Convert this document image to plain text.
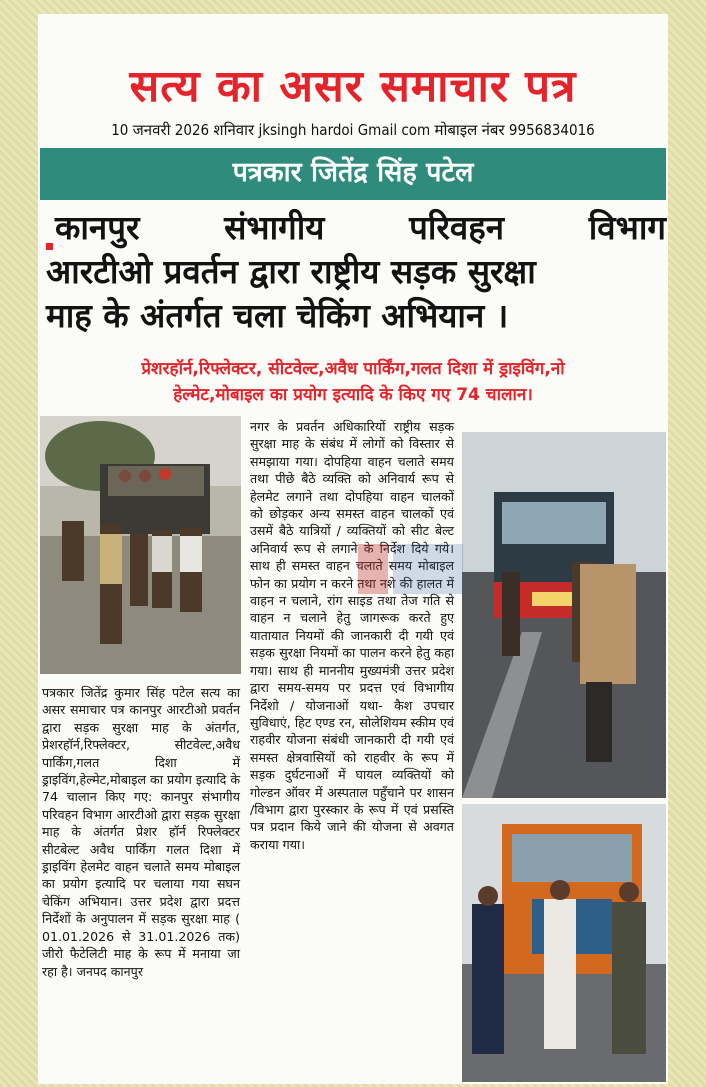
सत्य का असर समाचार पत्र
10 जनवरी 2026 शनिवार jksingh hardoi Gmail com मोबाइल नंबर 9956834016
पत्रकार जितेंद्र सिंह पटेल
कानपुर	संभागीय	परिवहन	विभाग
आरटीओ प्रवर्तन द्वारा राष्ट्रीय सड़क सुरक्षा
माह के अंतर्गत चला चेकिंग अभियान ।
प्रेशरहॉर्न,रिफ्लेक्टर, सीटवेल्ट,अवैध पार्किंग,गलत दिशा में ड्राइविंग,नो
हेल्मेट,मोबाइल का प्रयोग इत्यादि के किए गए 74 चालान।
पत्रकार जितेंद्र कुमार सिंह पटेल सत्य का असर समाचार पत्र कानपुर आरटीओ प्रवर्तन द्वारा सड़क सुरक्षा माह के अंतर्गत, प्रेशरहॉर्न,रिफ्लेक्टर, सीटवेल्ट,अवैध पार्किंग,गलत दिशा में ड्राइविंग,हेल्मेट,मोबाइल का प्रयोग इत्यादि के 74 चालान किए गए: कानपुर संभागीय परिवहन विभाग आरटीओ द्वारा सड़क सुरक्षा माह के अंतर्गत प्रेशर हॉर्न रिफ्लेक्टर सीटबेल्ट अवैध पार्किंग गलत दिशा में ड्राइविंग हेलमेट वाहन चलाते समय मोबाइल का प्रयोग इत्यादि पर चलाया गया सघन चेकिंग अभियान। उत्तर प्रदेश द्वारा प्रदत्त निर्देशों के अनुपालन में सड़क सुरक्षा माह ( 01.01.2026 से 31.01.2026 तक) जीरो फैटेलिटी माह के रूप में मनाया जा रहा है। जनपद कानपुर
नगर के प्रवर्तन अधिकारियों राष्ट्रीय सड़क सुरक्षा माह के संबंध में लोगों को विस्तार से समझाया गया। दोपहिया वाहन चलाते समय तथा पीछे बैठे व्यक्ति को अनिवार्य रूप से हेलमेट लगाने तथा दोपहिया वाहन चालकों को छोड़कर अन्य समस्त वाहन चालकों एवं उसमें बैठे यात्रियों / व्यक्तियों को सीट बेल्ट अनिवार्य रूप से लगाने के निर्देश दिये गये। साथ ही समस्त वाहन चलाते समय मोबाइल फोन का प्रयोग न करने तथा नशे की हालत में वाहन न चलाने, रांग साइड तथा तेज गति से वाहन न चलाने हेतु जागरूक करते हुए यातायात नियमों की जानकारी दी गयी एवं सड़क सुरक्षा नियमों का पालन करने हेतु कहा गया। साथ ही माननीय मुख्यमंत्री उत्तर प्रदेश द्वारा समय-समय पर प्रदत्त एवं विभागीय निर्देशो / योजनाओं यथा- कैश उपचार सुविधाएं, हिट एण्ड रन, सोलेशियम स्कीम एवं राहवीर योजना संबंधी जानकारी दी गयी एवं समस्त क्षेत्रवासियों को राहवीर के रूप में सड़क दुर्घटनाओं में घायल व्यक्तियों को गोल्डन ऑवर में अस्पताल पहुँचाने पर शासन /विभाग द्वारा पुरस्कार के रूप में एवं प्रसस्ति पत्र प्रदान किये जाने की योजना से अवगत कराया गया।
